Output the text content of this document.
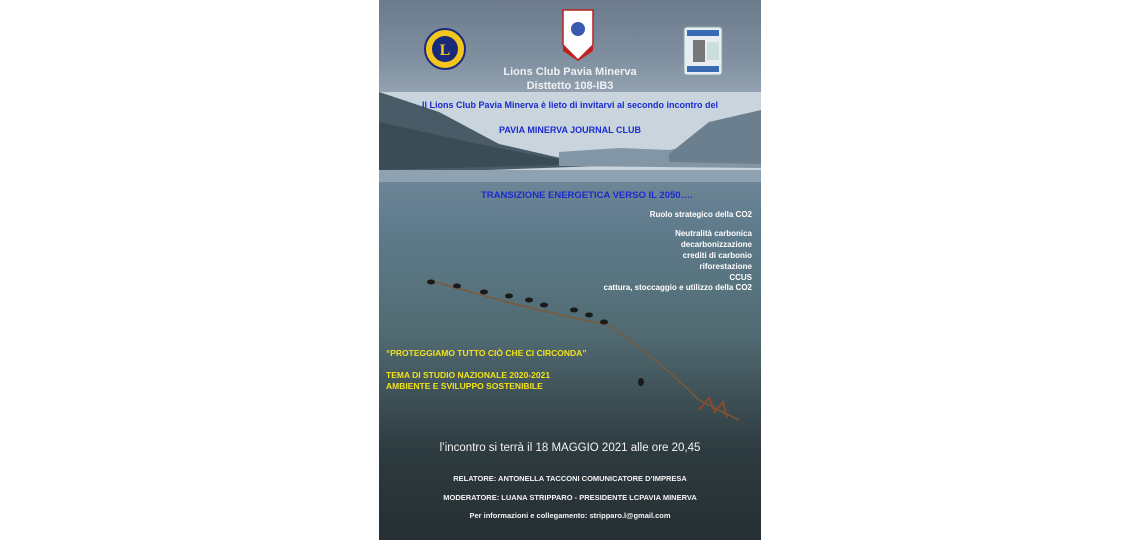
L
Lions Club Pavia Minerva
Disttetto 108-IB3
Il Lions Club Pavia Minerva è lieto di invitarvi al secondo incontro del
PAVIA MINERVA JOURNAL CLUB
TRANSIZIONE ENERGETICA VERSO IL 2050….
Ruolo strategico della CO2
Neutralità carbonica
decarbonizzazione
crediti di carbonio
riforestazione
CCUS
cattura, stoccaggio e utilizzo della CO2
“PROTEGGIAMO TUTTO CIÒ CHE CI CIRCONDA”
TEMA DI STUDIO NAZIONALE 2020-2021
AMBIENTE E SVILUPPO SOSTENIBILE
l’incontro si terrà il 18 MAGGIO 2021 alle ore 20,45
RELATORE: ANTONELLA TACCONI COMUNICATORE D’IMPRESA
MODERATORE: LUANA STRIPPARO - PRESIDENTE LCPAVIA MINERVA
Per informazioni e collegamento: stripparo.l@gmail.com
